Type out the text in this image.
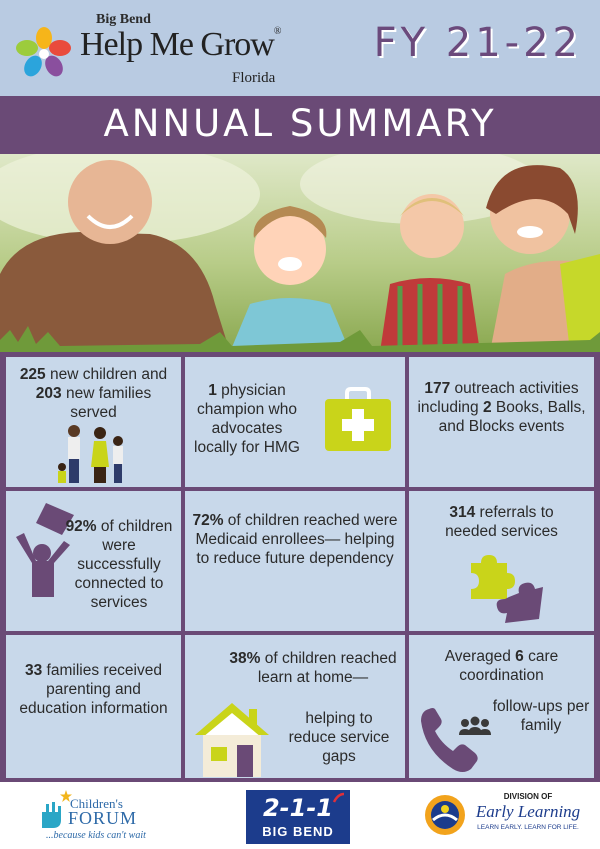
Big Bend
Help Me Grow®
Florida
FY 21-22
ANNUAL SUMMARY
225 new children and 203 new families served
1 physician champion who advocates locally for HMG
177 outreach activities including 2 Books, Balls, and Blocks events
92% of children were successfully connected to services
72% of children reached were Medicaid enrollees— helping to reduce future dependency
314 referrals to needed services
33 families received parenting and education information
38% of children reached learn at home—
helping to reduce service gaps
Averaged 6 care coordination
follow-ups per family
Children's
FORUM
...because kids can't wait
2-1-1
BIG BEND
DIVISION OF
Early Learning
LEARN EARLY. LEARN FOR LIFE.
